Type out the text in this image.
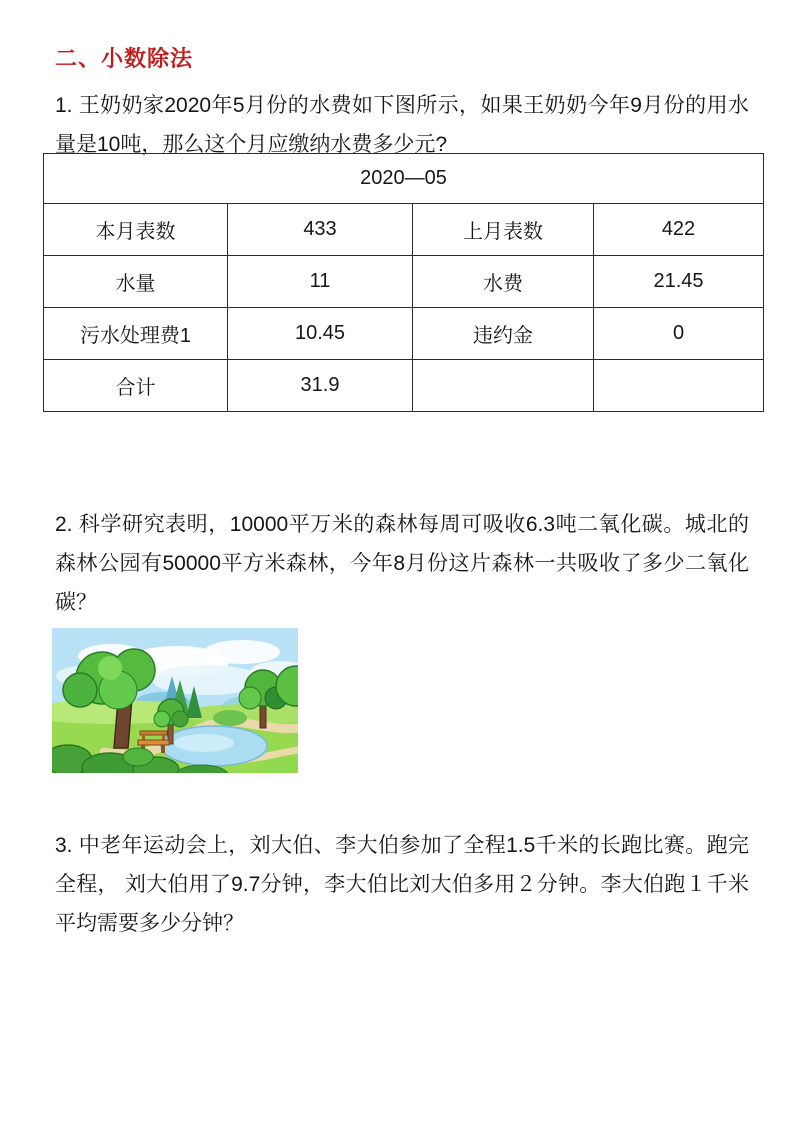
二、小数除法
1. 王奶奶家2020年5月份的水费如下图所示，如果王奶奶今年9月份的用水量是10吨，那么这个月应缴纳水费多少元?
2020—05			
本月表数	433	上月表数	422
水量	11	水费	21.45
污水处理费1	10.45	违约金	0
合计	31.9		
2. 科学研究表明，10000平万米的森林每周可吸收6.3吨二氧化碳。城北的森林公园有50000平方米森林，今年8月份这片森林一共吸收了多少二氧化碳？
3. 中老年运动会上，刘大伯、李大伯参加了全程1.5千米的长跑比赛。跑完全程， 刘大伯用了9.7分钟，李大伯比刘大伯多用２分钟。李大伯跑１千米平均需要多少分钟？
